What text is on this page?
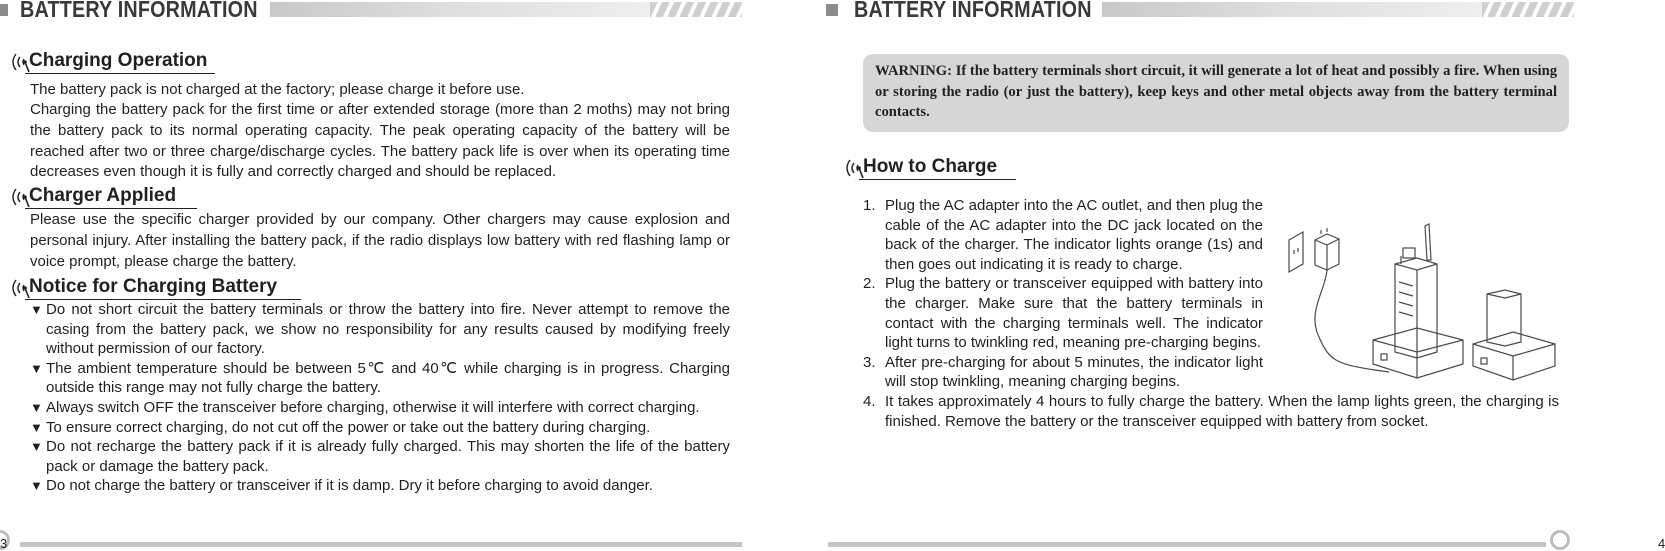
BATTERY INFORMATION
Charging Operation

The battery pack is not charged at the factory; please charge it before use.

Charging the battery pack for the first time or after extended storage (more than 2 moths) may not bring the battery pack to its normal operating capacity. The peak operating capacity of the battery will be reached after two or three charge/discharge cycles. The battery pack life is over when its operating time decreases even though it is fully and correctly charged and should be replaced.

Charger Applied

Please use the specific charger provided by our company. Other chargers may cause explosion and personal injury. After installing the battery pack, if the radio displays low battery with red flashing lamp or voice prompt, please charge the battery.

Notice for Charging Battery
▼ Do not short circuit the battery terminals or throw the battery into fire. Never attempt to remove the casing from the battery pack, we show no responsibility for any results caused by modifying freely without permission of our factory.
▼ The ambient temperature should be between 5℃ and 40℃ while charging is in progress. Charging outside this range may not fully charge the battery.
▼ Always switch OFF the transceiver before charging, otherwise it will interfere with correct charging.
▼ To ensure correct charging, do not cut off the power or take out the battery during charging.
▼ Do not recharge the battery pack if it is already fully charged. This may shorten the life of the battery pack or damage the battery pack.
▼ Do not charge the battery or transceiver if it is damp. Dry it before charging to avoid danger.
3
BATTERY INFORMATION

WARNING: If the battery terminals short circuit, it will generate a lot of heat and possibly a fire. When using or storing the radio (or just the battery), keep keys and other metal objects away from the battery terminal contacts.

How to Charge
1. Plug the AC adapter into the AC outlet, and then plug the cable of the AC adapter into the DC jack located on the back of the charger. The indicator lights orange (1s) and then goes out indicating it is ready to charge.
2. Plug the battery or transceiver equipped with battery into the charger. Make sure that the battery terminals in contact with the charging terminals well. The indicator light turns to twinkling red, meaning pre-charging begins.
3. After pre-charging for about 5 minutes, the indicator light will stop twinkling, meaning charging begins.
4. It takes approximately 4 hours to fully charge the battery. When the lamp lights green, the charging is finished. Remove the battery or the transceiver equipped with battery from socket.
4
